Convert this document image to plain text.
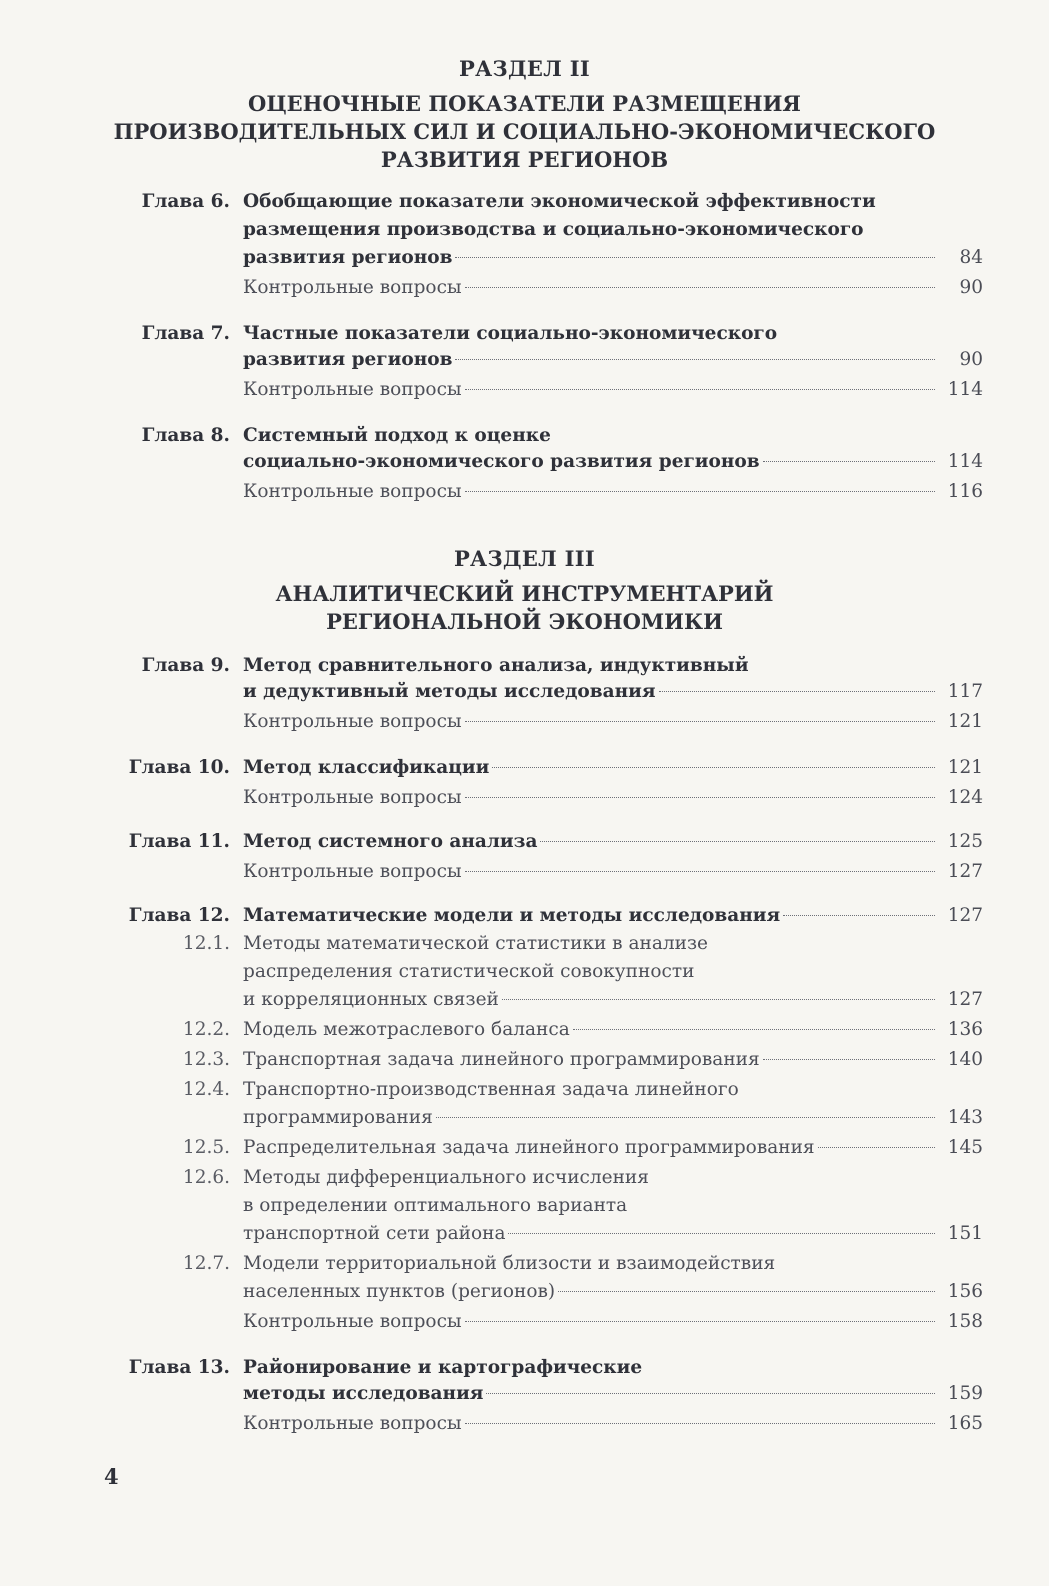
РАЗДЕЛ II
ОЦЕНОЧНЫЕ ПОКАЗАТЕЛИ РАЗМЕЩЕНИЯ
ПРОИЗВОДИТЕЛЬНЫХ СИЛ И СОЦИАЛЬНО-ЭКОНОМИЧЕСКОГО
РАЗВИТИЯ РЕГИОНОВ
Глава 6. Обобщающие показатели экономической эффективности
размещения производства и социально-экономического
развития регионов	84
Контрольные вопросы	90
Глава 7. Частные показатели социально-экономического
развития регионов	90
Контрольные вопросы	114
Глава 8. Системный подход к оценке
социально-экономического развития регионов	114
Контрольные вопросы	116
РАЗДЕЛ III
АНАЛИТИЧЕСКИЙ ИНСТРУМЕНТАРИЙ
РЕГИОНАЛЬНОЙ ЭКОНОМИКИ
Глава 9. Метод сравнительного анализа, индуктивный
и дедуктивный методы исследования	117
Контрольные вопросы	121
Глава 10. Метод классификации	121
Контрольные вопросы	124
Глава 11. Метод системного анализа	125
Контрольные вопросы	127
Глава 12. Математические модели и методы исследования	127
12.1. Методы математической статистики в анализе
распределения статистической совокупности
и корреляционных связей	127
12.2. Модель межотраслевого баланса	136
12.3. Транспортная задача линейного программирования	140
12.4. Транспортно-производственная задача линейного
программирования	143
12.5. Распределительная задача линейного программирования	145
12.6. Методы дифференциального исчисления
в определении оптимального варианта
транспортной сети района	151
12.7. Модели территориальной близости и взаимодействия
населенных пунктов (регионов)	156
Контрольные вопросы	158
Глава 13. Районирование и картографические
методы исследования	159
Контрольные вопросы	165
4
